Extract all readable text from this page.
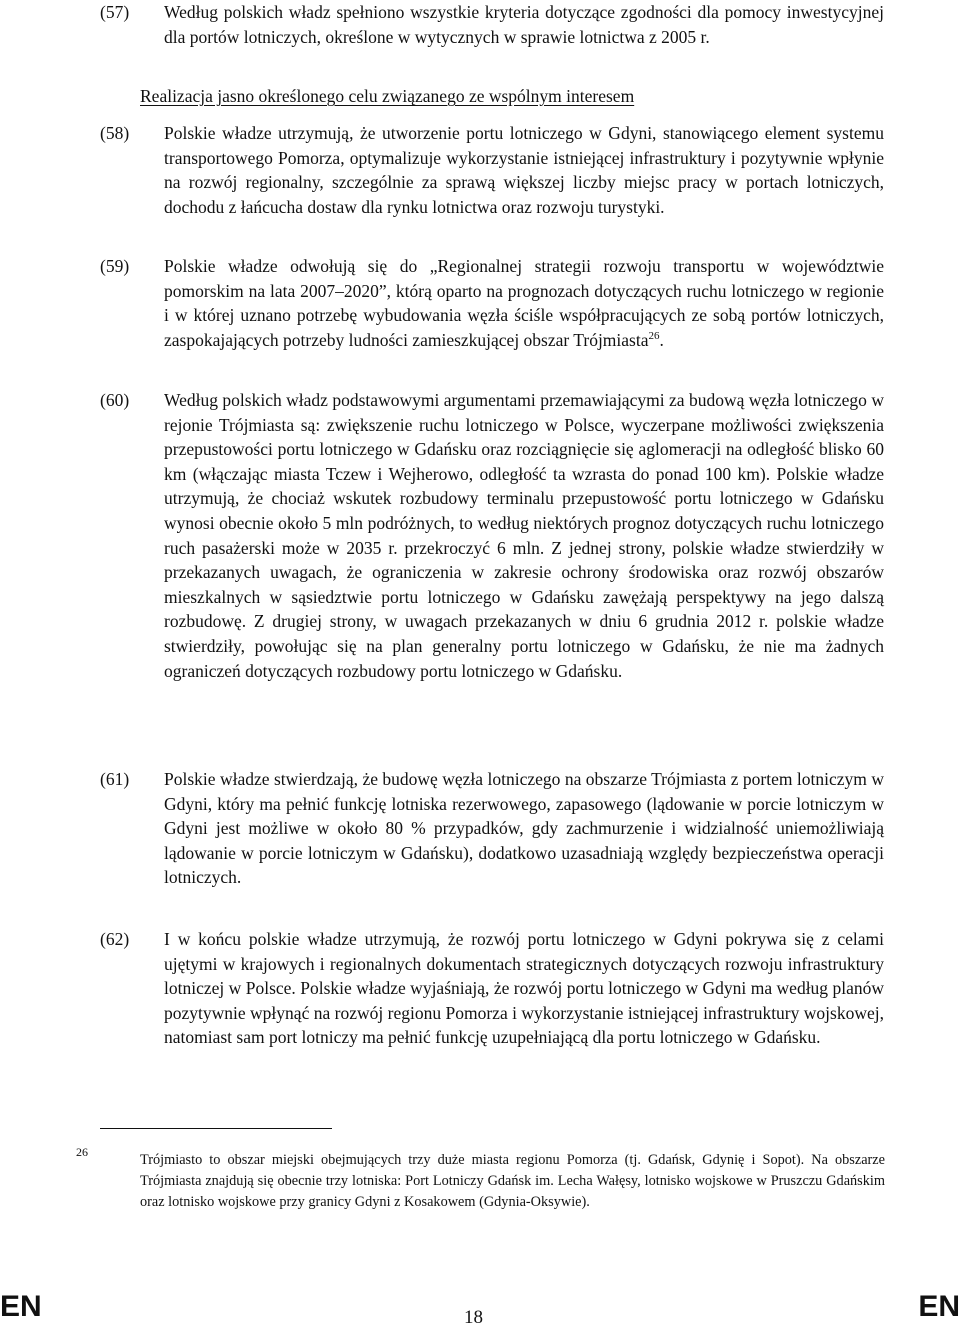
(57)	Według polskich władz spełniono wszystkie kryteria dotyczące zgodności dla pomocy inwestycyjnej dla portów lotniczych, określone w wytycznych w sprawie lotnictwa z 2005 r.
Realizacja jasno określonego celu związanego ze wspólnym interesem
(58)	Polskie władze utrzymują, że utworzenie portu lotniczego w Gdyni, stanowiącego element systemu transportowego Pomorza, optymalizuje wykorzystanie istniejącej infrastruktury i pozytywnie wpłynie na rozwój regionalny, szczególnie za sprawą większej liczby miejsc pracy w portach lotniczych, dochodu z łańcucha dostaw dla rynku lotnictwa oraz rozwoju turystyki.
(59)	Polskie władze odwołują się do „Regionalnej strategii rozwoju transportu w województwie pomorskim na lata 2007–2020”, którą oparto na prognozach dotyczących ruchu lotniczego w regionie i w której uznano potrzebę wybudowania węzła ściśle współpracujących ze sobą portów lotniczych, zaspokajających potrzeby ludności zamieszkującej obszar Trójmiasta$^{26}$.
(60)	Według polskich władz podstawowymi argumentami przemawiającymi za budową węzła lotniczego w rejonie Trójmiasta są: zwiększenie ruchu lotniczego w Polsce, wyczerpane możliwości zwiększenia przepustowości portu lotniczego w Gdańsku oraz rozciągnięcie się aglomeracji na odległość blisko 60 km (włączając miasta Tczew i Wejherowo, odległość ta wzrasta do ponad 100 km). Polskie władze utrzymują, że chociaż wskutek rozbudowy terminalu przepustowość portu lotniczego w Gdańsku wynosi obecnie około 5 mln podróżnych, to według niektórych prognoz dotyczących ruchu lotniczego ruch pasażerski może w 2035 r. przekroczyć 6 mln. Z jednej strony, polskie władze stwierdziły w przekazanych uwagach, że ograniczenia w zakresie ochrony środowiska oraz rozwój obszarów mieszkalnych w sąsiedztwie portu lotniczego w Gdańsku zawężają perspektywy na jego dalszą rozbudowę. Z drugiej strony, w uwagach przekazanych w dniu 6 grudnia 2012 r. polskie władze stwierdziły, powołując się na plan generalny portu lotniczego w Gdańsku, że nie ma żadnych ograniczeń dotyczących rozbudowy portu lotniczego w Gdańsku.
(61)	Polskie władze stwierdzają, że budowę węzła lotniczego na obszarze Trójmiasta z portem lotniczym w Gdyni, który ma pełnić funkcję lotniska rezerwowego, zapasowego (lądowanie w porcie lotniczym w Gdyni jest możliwe w około 80 % przypadków, gdy zachmurzenie i widzialność uniemożliwiają lądowanie w porcie lotniczym w Gdańsku), dodatkowo uzasadniają względy bezpieczeństwa operacji lotniczych.
(62)	I w końcu polskie władze utrzymują, że rozwój portu lotniczego w Gdyni pokrywa się z celami ujętymi w krajowych i regionalnych dokumentach strategicznych dotyczących rozwoju infrastruktury lotniczej w Polsce. Polskie władze wyjaśniają, że rozwój portu lotniczego w Gdyni ma według planów pozytywnie wpłynąć na rozwój regionu Pomorza i wykorzystanie istniejącej infrastruktury wojskowej, natomiast sam port lotniczy ma pełnić funkcję uzupełniającą dla portu lotniczego w Gdańsku.
26	Trójmiasto to obszar miejski obejmujących trzy duże miasta regionu Pomorza (tj. Gdańsk, Gdynię i Sopot). Na obszarze Trójmiasta znajdują się obecnie trzy lotniska: Port Lotniczy Gdańsk im. Lecha Wałęsy, lotnisko wojskowe w Pruszczu Gdańskim oraz lotnisko wojskowe przy granicy Gdyni z Kosakowem (Gdynia-Oksywie).
EN	18	EN
